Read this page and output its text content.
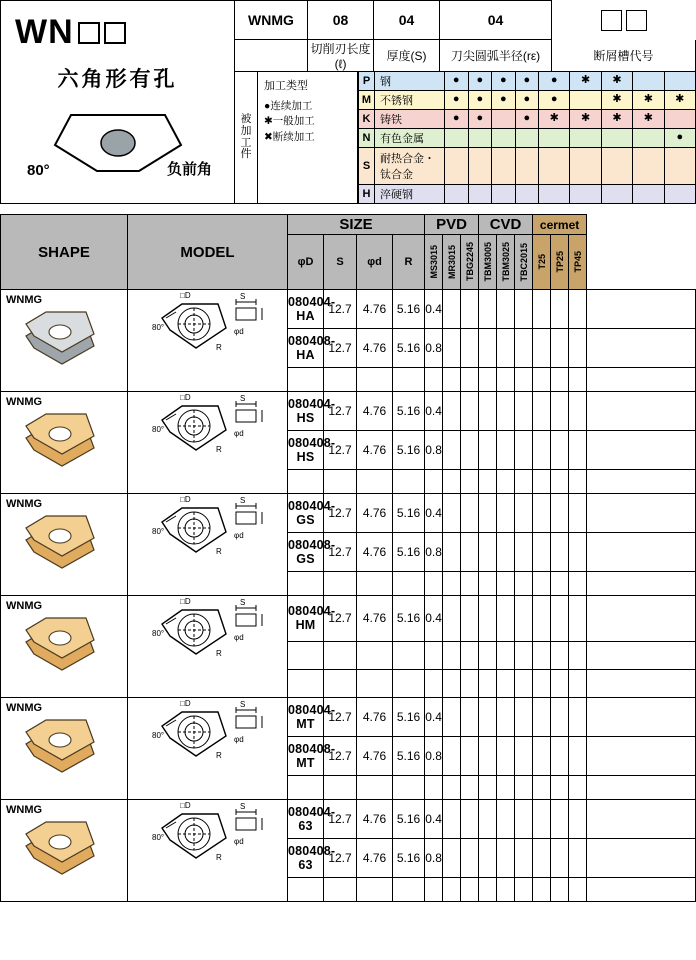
WN
六角形有孔
80°	负前角
WNMG	08	04	04
切削刃长度(ℓ)
厚度(S)	刀尖圆弧半径(rε)	断屑槽代号
被加工件
加工类型
●连续加工
✱一般加工
✖断续加工
P	钢	●	●	●	●	●	✱	✱		
M	不锈钢	●	●	●	●	●		✱	✱	✱
K	铸铁	●	●		●	✱	✱	✱	✱	
N	有色金属									●
S	耐热合金・钛合金									
H	淬硬钢									
SHAPE	MODEL	SIZE				PVD			CVD			cermet			
		φD	S	φd	R	MS3015	MR3015	TBG2245	TBM3005	TBM3025	TBC2015	T25	TP25	TP45	

WNMG	80°
S
□D
R
φd	080404-HA	12.7	4.76	5.16	0.4									
		080408-HA	12.7	4.76	5.16	0.8									

WNMG	80°
S
□D
R
φd	080404-HS	12.7	4.76	5.16	0.4									
		080408-HS	12.7	4.76	5.16	0.8									

WNMG	80°
S
□D
R
φd	080404-GS	12.7	4.76	5.16	0.4									
		080408-GS	12.7	4.76	5.16	0.8									

WNMG	80°
S
□D
R
φd	080404-HM	12.7	4.76	5.16	0.4									

WNMG	80°
S
□D
R
φd	080404-MT	12.7	4.76	5.16	0.4									
		080408-MT	12.7	4.76	5.16	0.8									

WNMG	80°
S
□D
R
φd	080404-63	12.7	4.76	5.16	0.4									
		080408-63	12.7	4.76	5.16	0.8									
